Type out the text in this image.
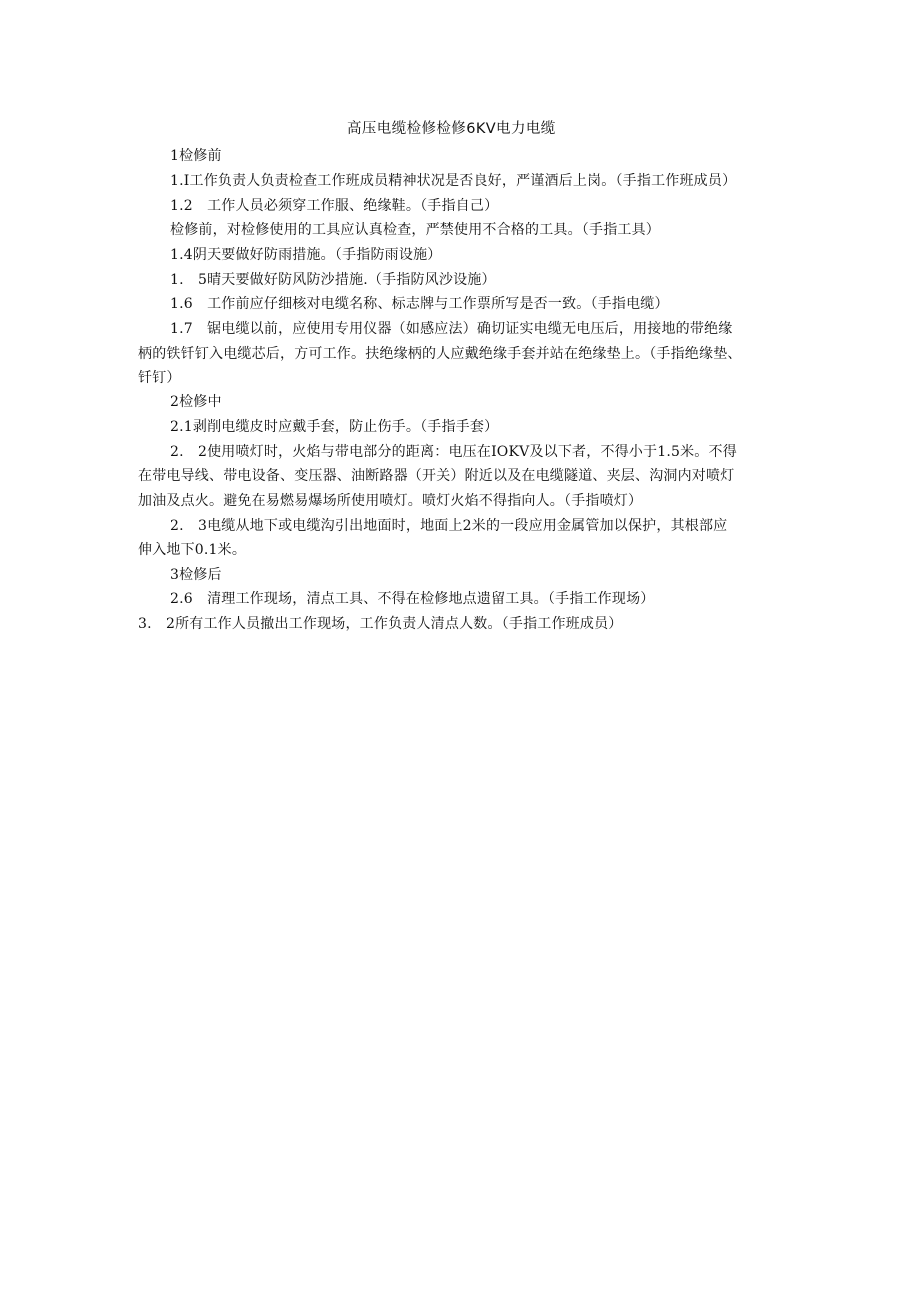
高压电缆检修检修6KV电力电缆
1检修前
1.I工作负责人负责检查工作班成员精神状况是否良好，严谨酒后上岗。（手指工作班成员）
1.2　工作人员必须穿工作服、绝缘鞋。（手指自己）
检修前，对检修使用的工具应认真检查，严禁使用不合格的工具。（手指工具）
1.4阴天要做好防雨措施。（手指防雨设施）
1.　5晴天要做好防风防沙措施.（手指防风沙设施）
1.6　工作前应仔细核对电缆名称、标志牌与工作票所写是否一致。（手指电缆）
1.7　锯电缆以前，应使用专用仪器（如感应法）确切证实电缆无电压后，用接地的带绝缘
柄的铁钎钉入电缆芯后，方可工作。扶绝缘柄的人应戴绝缘手套并站在绝缘垫上。（手指绝缘垫、
钎钉）
2检修中
2.1剥削电缆皮时应戴手套，防止伤手。（手指手套）
2.　2使用喷灯时，火焰与带电部分的距离：电压在IOKV及以下者，不得小于1.5米。不得
在带电导线、带电设备、变压器、油断路器（开关）附近以及在电缆隧道、夹层、沟洞内对喷灯
加油及点火。避免在易燃易爆场所使用喷灯。喷灯火焰不得指向人。（手指喷灯）
2.　3电缆从地下或电缆沟引出地面时，地面上2米的一段应用金属管加以保护，其根部应
伸入地下0.1米。
3检修后
2.6　清理工作现场，清点工具、不得在检修地点遗留工具。（手指工作现场）
3.　2所有工作人员撤出工作现场，工作负责人清点人数。（手指工作班成员）
